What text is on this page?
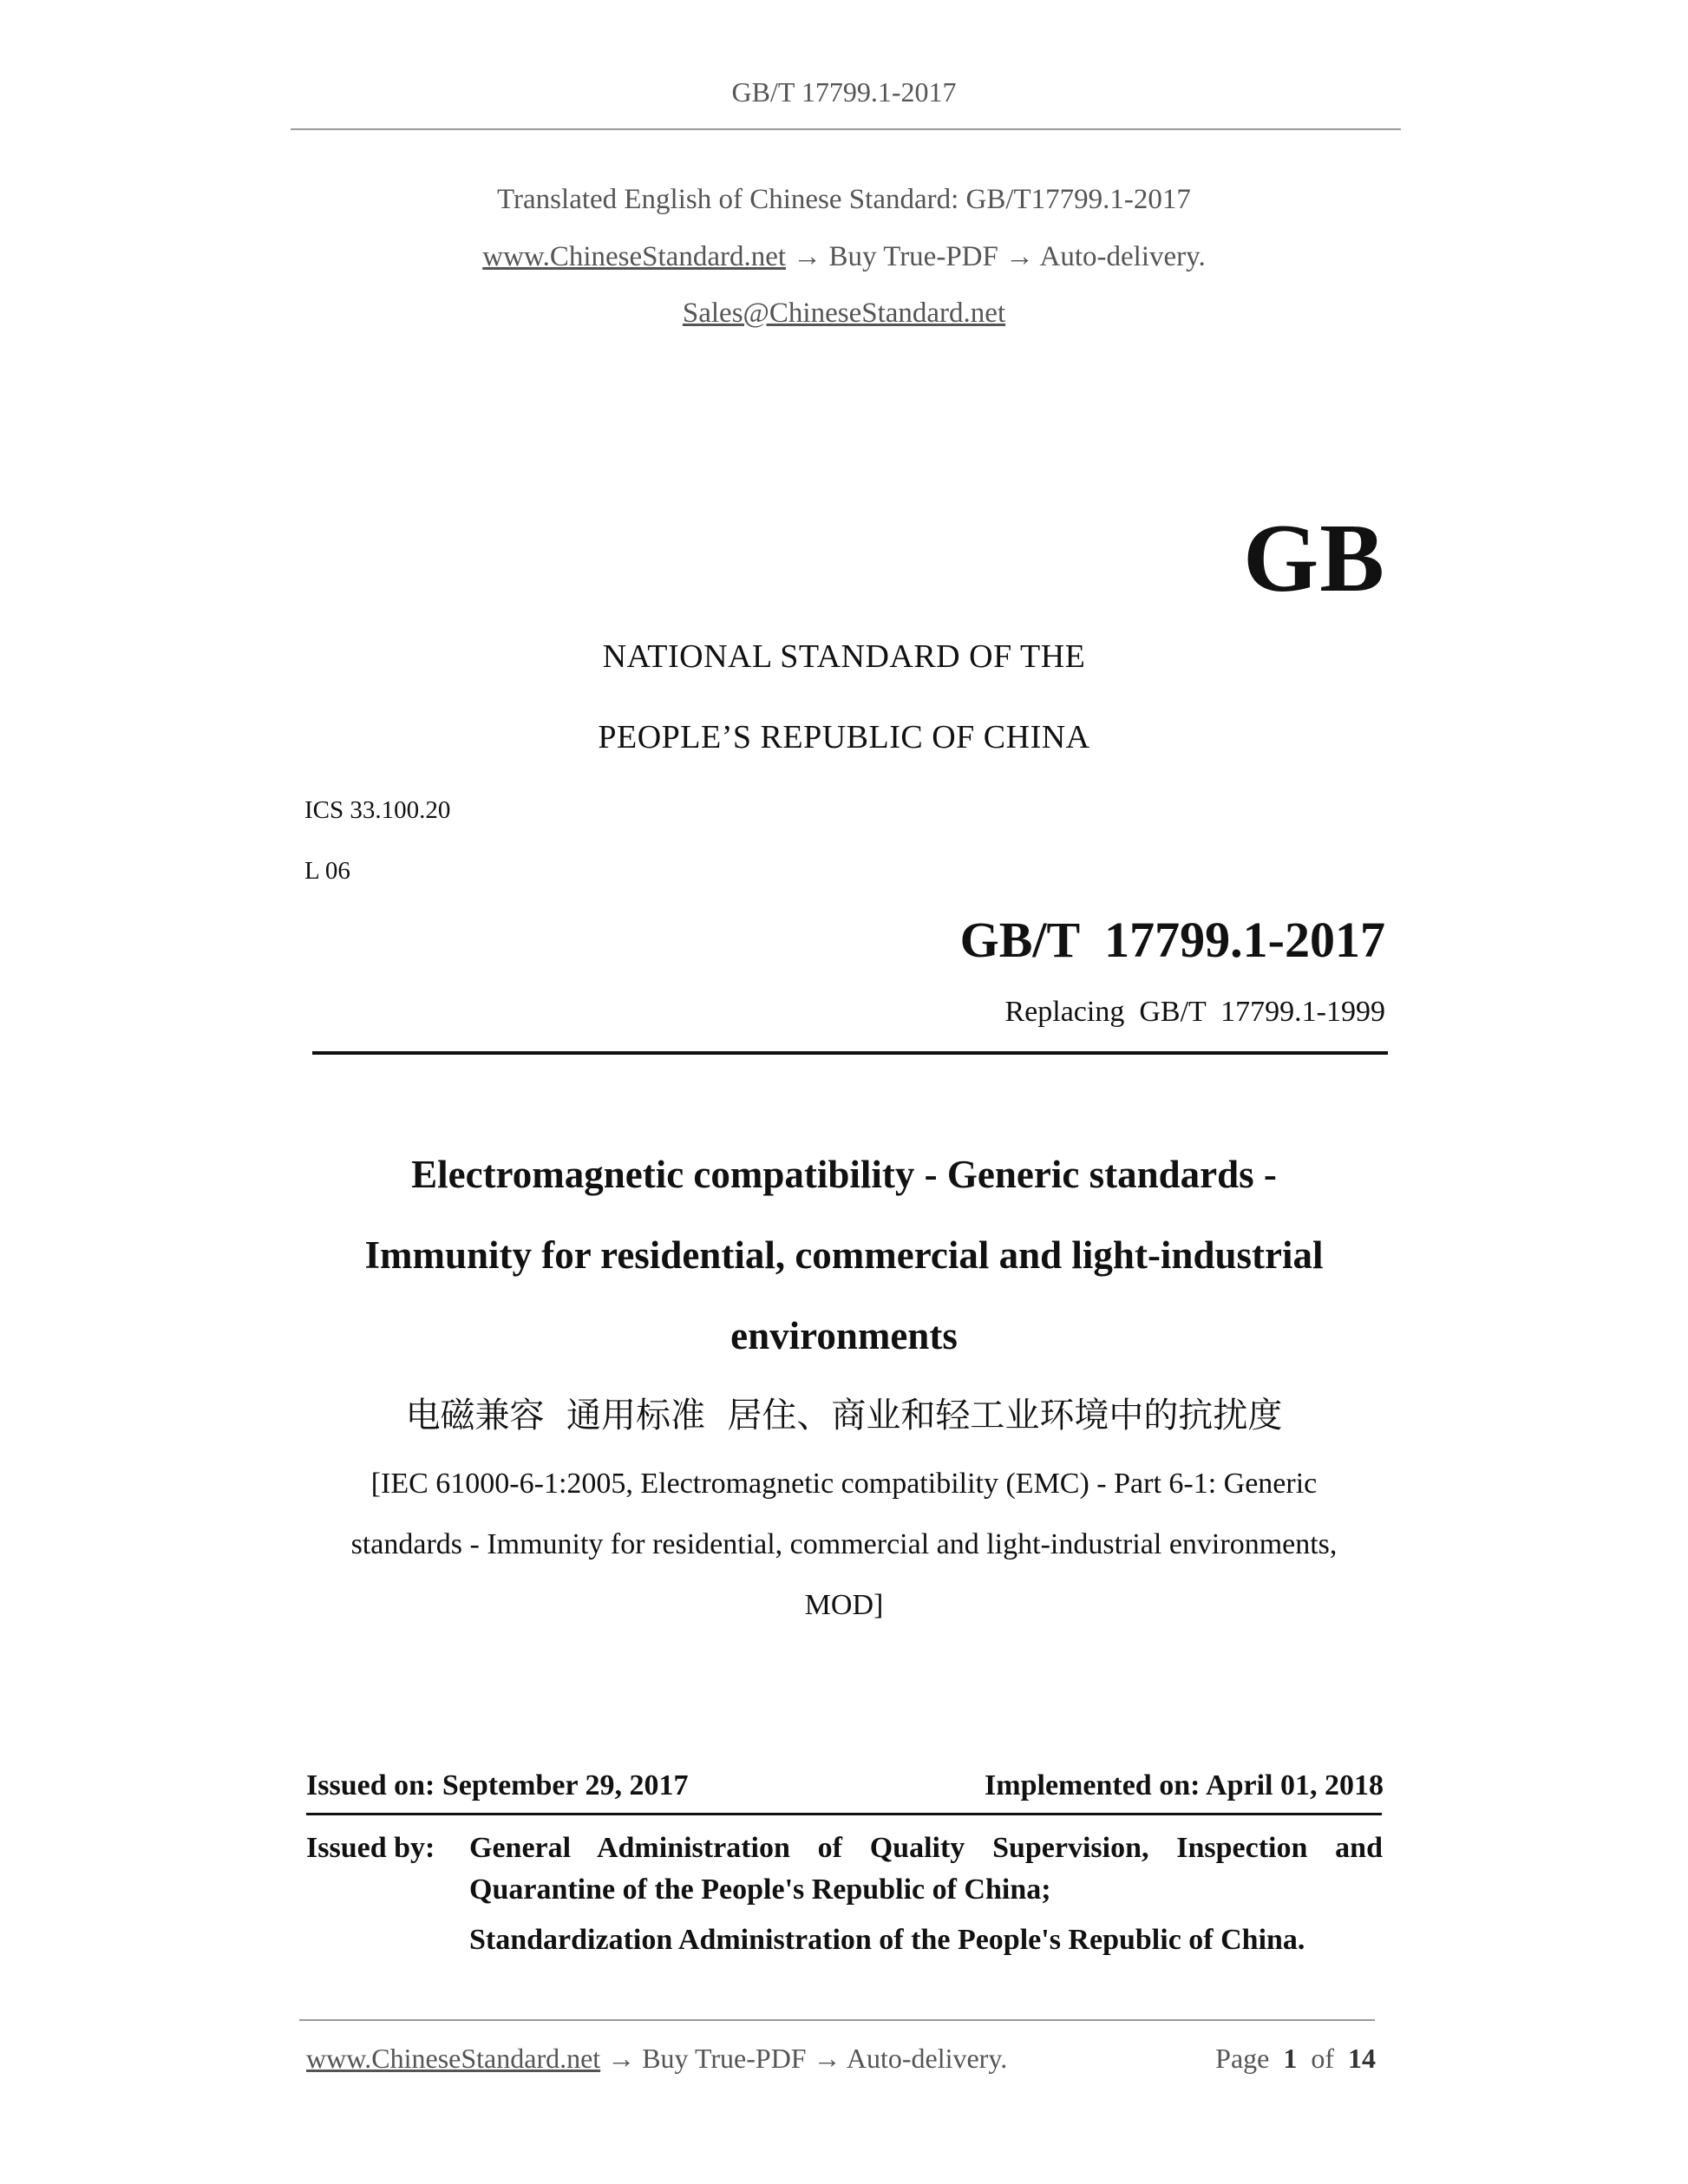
GB/T 17799.1-2017
Translated English of Chinese Standard: GB/T17799.1-2017
www.ChineseStandard.net → Buy True-PDF → Auto-delivery.
Sales@ChineseStandard.net
GB
NATIONAL STANDARD OF THE
PEOPLE’S REPUBLIC OF CHINA
ICS 33.100.20
L 06
GB/T  17799.1-2017
Replacing  GB/T  17799.1-1999
Electromagnetic compatibility - Generic standards -
Immunity for residential, commercial and light-industrial
environments
电磁兼容  通用标准  居住、商业和轻工业环境中的抗扰度
[IEC 61000-6-1:2005, Electromagnetic compatibility (EMC) - Part 6-1: Generic
standards - Immunity for residential, commercial and light-industrial environments,
MOD]
Issued on: September 29, 2017	Implemented on: April 01, 2018
Issued by: General Administration of Quality Supervision, Inspection and
Quarantine of the People's Republic of China;
Standardization Administration of the People's Republic of China.
www.ChineseStandard.net → Buy True-PDF → Auto-delivery.	Page 1 of 14
